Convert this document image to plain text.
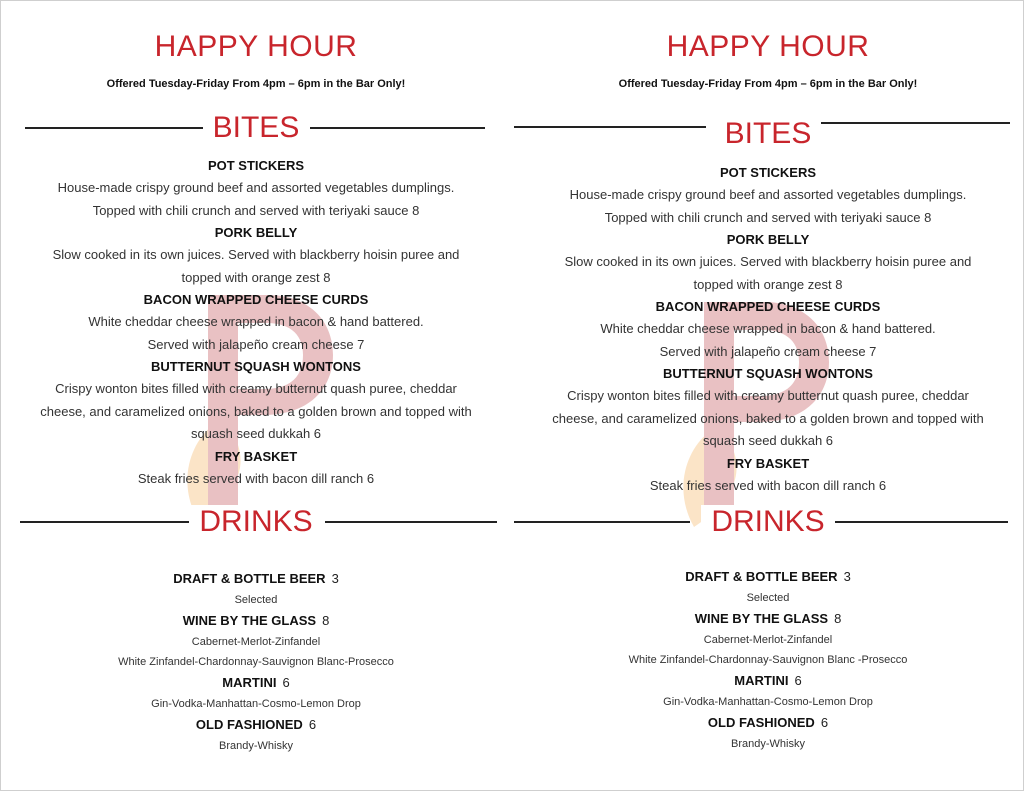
HAPPY HOUR
Offered Tuesday-Friday From 4pm – 6pm in the Bar Only!
BITES
POT STICKERS
House-made crispy ground beef and assorted vegetables dumplings.
Topped with chili crunch and served with teriyaki sauce 8
PORK BELLY
Slow cooked in its own juices. Served with blackberry hoisin puree and
topped with orange zest 8
BACON WRAPPED CHEESE CURDS
White cheddar cheese wrapped in bacon & hand battered.
Served with jalapeño cream cheese 7
BUTTERNUT SQUASH WONTONS
Crispy wonton bites filled with creamy butternut quash puree, cheddar
cheese, and caramelized onions, baked to a golden brown and topped with
squash seed dukkah 6
FRY BASKET
Steak fries served with bacon dill ranch 6
DRINKS
DRAFT & BOTTLE BEER 3
Selected
WINE BY THE GLASS 8
Cabernet-Merlot-Zinfandel
White Zinfandel-Chardonnay-Sauvignon Blanc-Prosecco
MARTINI 6
Gin-Vodka-Manhattan-Cosmo-Lemon Drop
OLD FASHIONED 6
Brandy-Whisky
HAPPY HOUR
Offered Tuesday-Friday From 4pm – 6pm in the Bar Only!
BITES
POT STICKERS
House-made crispy ground beef and assorted vegetables dumplings.
Topped with chili crunch and served with teriyaki sauce 8
PORK BELLY
Slow cooked in its own juices. Served with blackberry hoisin puree and
topped with orange zest 8
BACON WRAPPED CHEESE CURDS
White cheddar cheese wrapped in bacon & hand battered.
Served with jalapeño cream cheese 7
BUTTERNUT SQUASH WONTONS
Crispy wonton bites filled with creamy butternut quash puree, cheddar
cheese, and caramelized onions, baked to a golden brown and topped with
squash seed dukkah 6
FRY BASKET
Steak fries served with bacon dill ranch 6
DRINKS
DRAFT & BOTTLE BEER 3
Selected
WINE BY THE GLASS 8
Cabernet-Merlot-Zinfandel
White Zinfandel-Chardonnay-Sauvignon Blanc -Prosecco
MARTINI 6
Gin-Vodka-Manhattan-Cosmo-Lemon Drop
OLD FASHIONED 6
Brandy-Whisky
